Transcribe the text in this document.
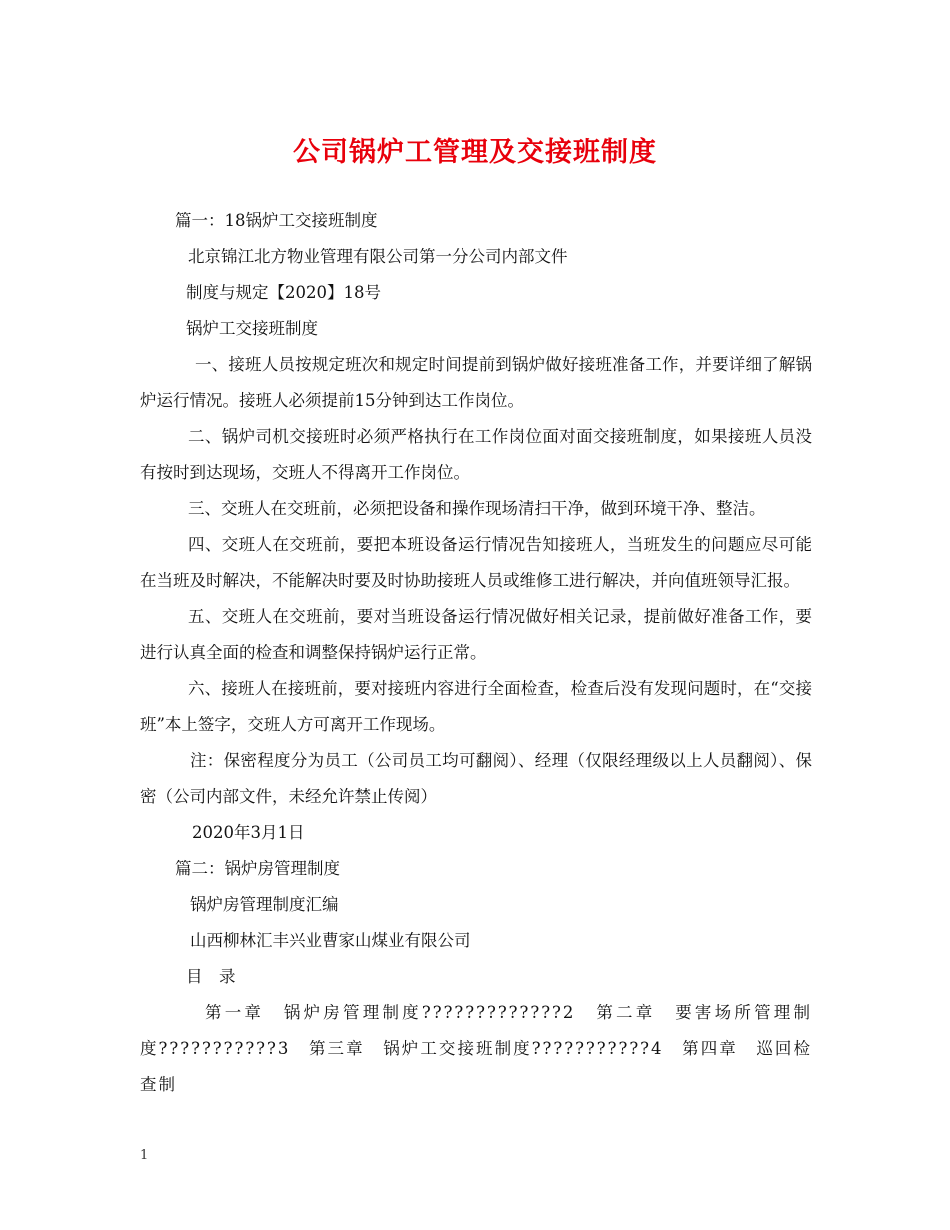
公司锅炉工管理及交接班制度
篇一：18锅炉工交接班制度
北京锦江北方物业管理有限公司第一分公司内部文件
制度与规定【2020】18号
锅炉工交接班制度
一、接班人员按规定班次和规定时间提前到锅炉做好接班准备工作，并要详细了解锅炉运行情况。接班人必须提前15分钟到达工作岗位。
二、锅炉司机交接班时必须严格执行在工作岗位面对面交接班制度，如果接班人员没有按时到达现场，交班人不得离开工作岗位。
三、交班人在交班前，必须把设备和操作现场清扫干净，做到环境干净、整洁。
四、交班人在交班前，要把本班设备运行情况告知接班人，当班发生的问题应尽可能在当班及时解决，不能解决时要及时协助接班人员或维修工进行解决，并向值班领导汇报。
五、交班人在交班前，要对当班设备运行情况做好相关记录，提前做好准备工作，要进行认真全面的检查和调整保持锅炉运行正常。
六、接班人在接班前，要对接班内容进行全面检查，检查后没有发现问题时，在“交接班”本上签字，交班人方可离开工作现场。
注：保密程度分为员工（公司员工均可翻阅）、经理（仅限经理级以上人员翻阅）、保密（公司内部文件，未经允许禁止传阅）
2020年3月1日
篇二：锅炉房管理制度
锅炉房管理制度汇编
山西柳林汇丰兴业曹家山煤业有限公司
目　录
第一章　锅炉房管理制度?????????????2　第二章　要害场所管理制
度???????????3　第三章　锅炉工交接班制度???????????4　第四章　巡回检查制
1
